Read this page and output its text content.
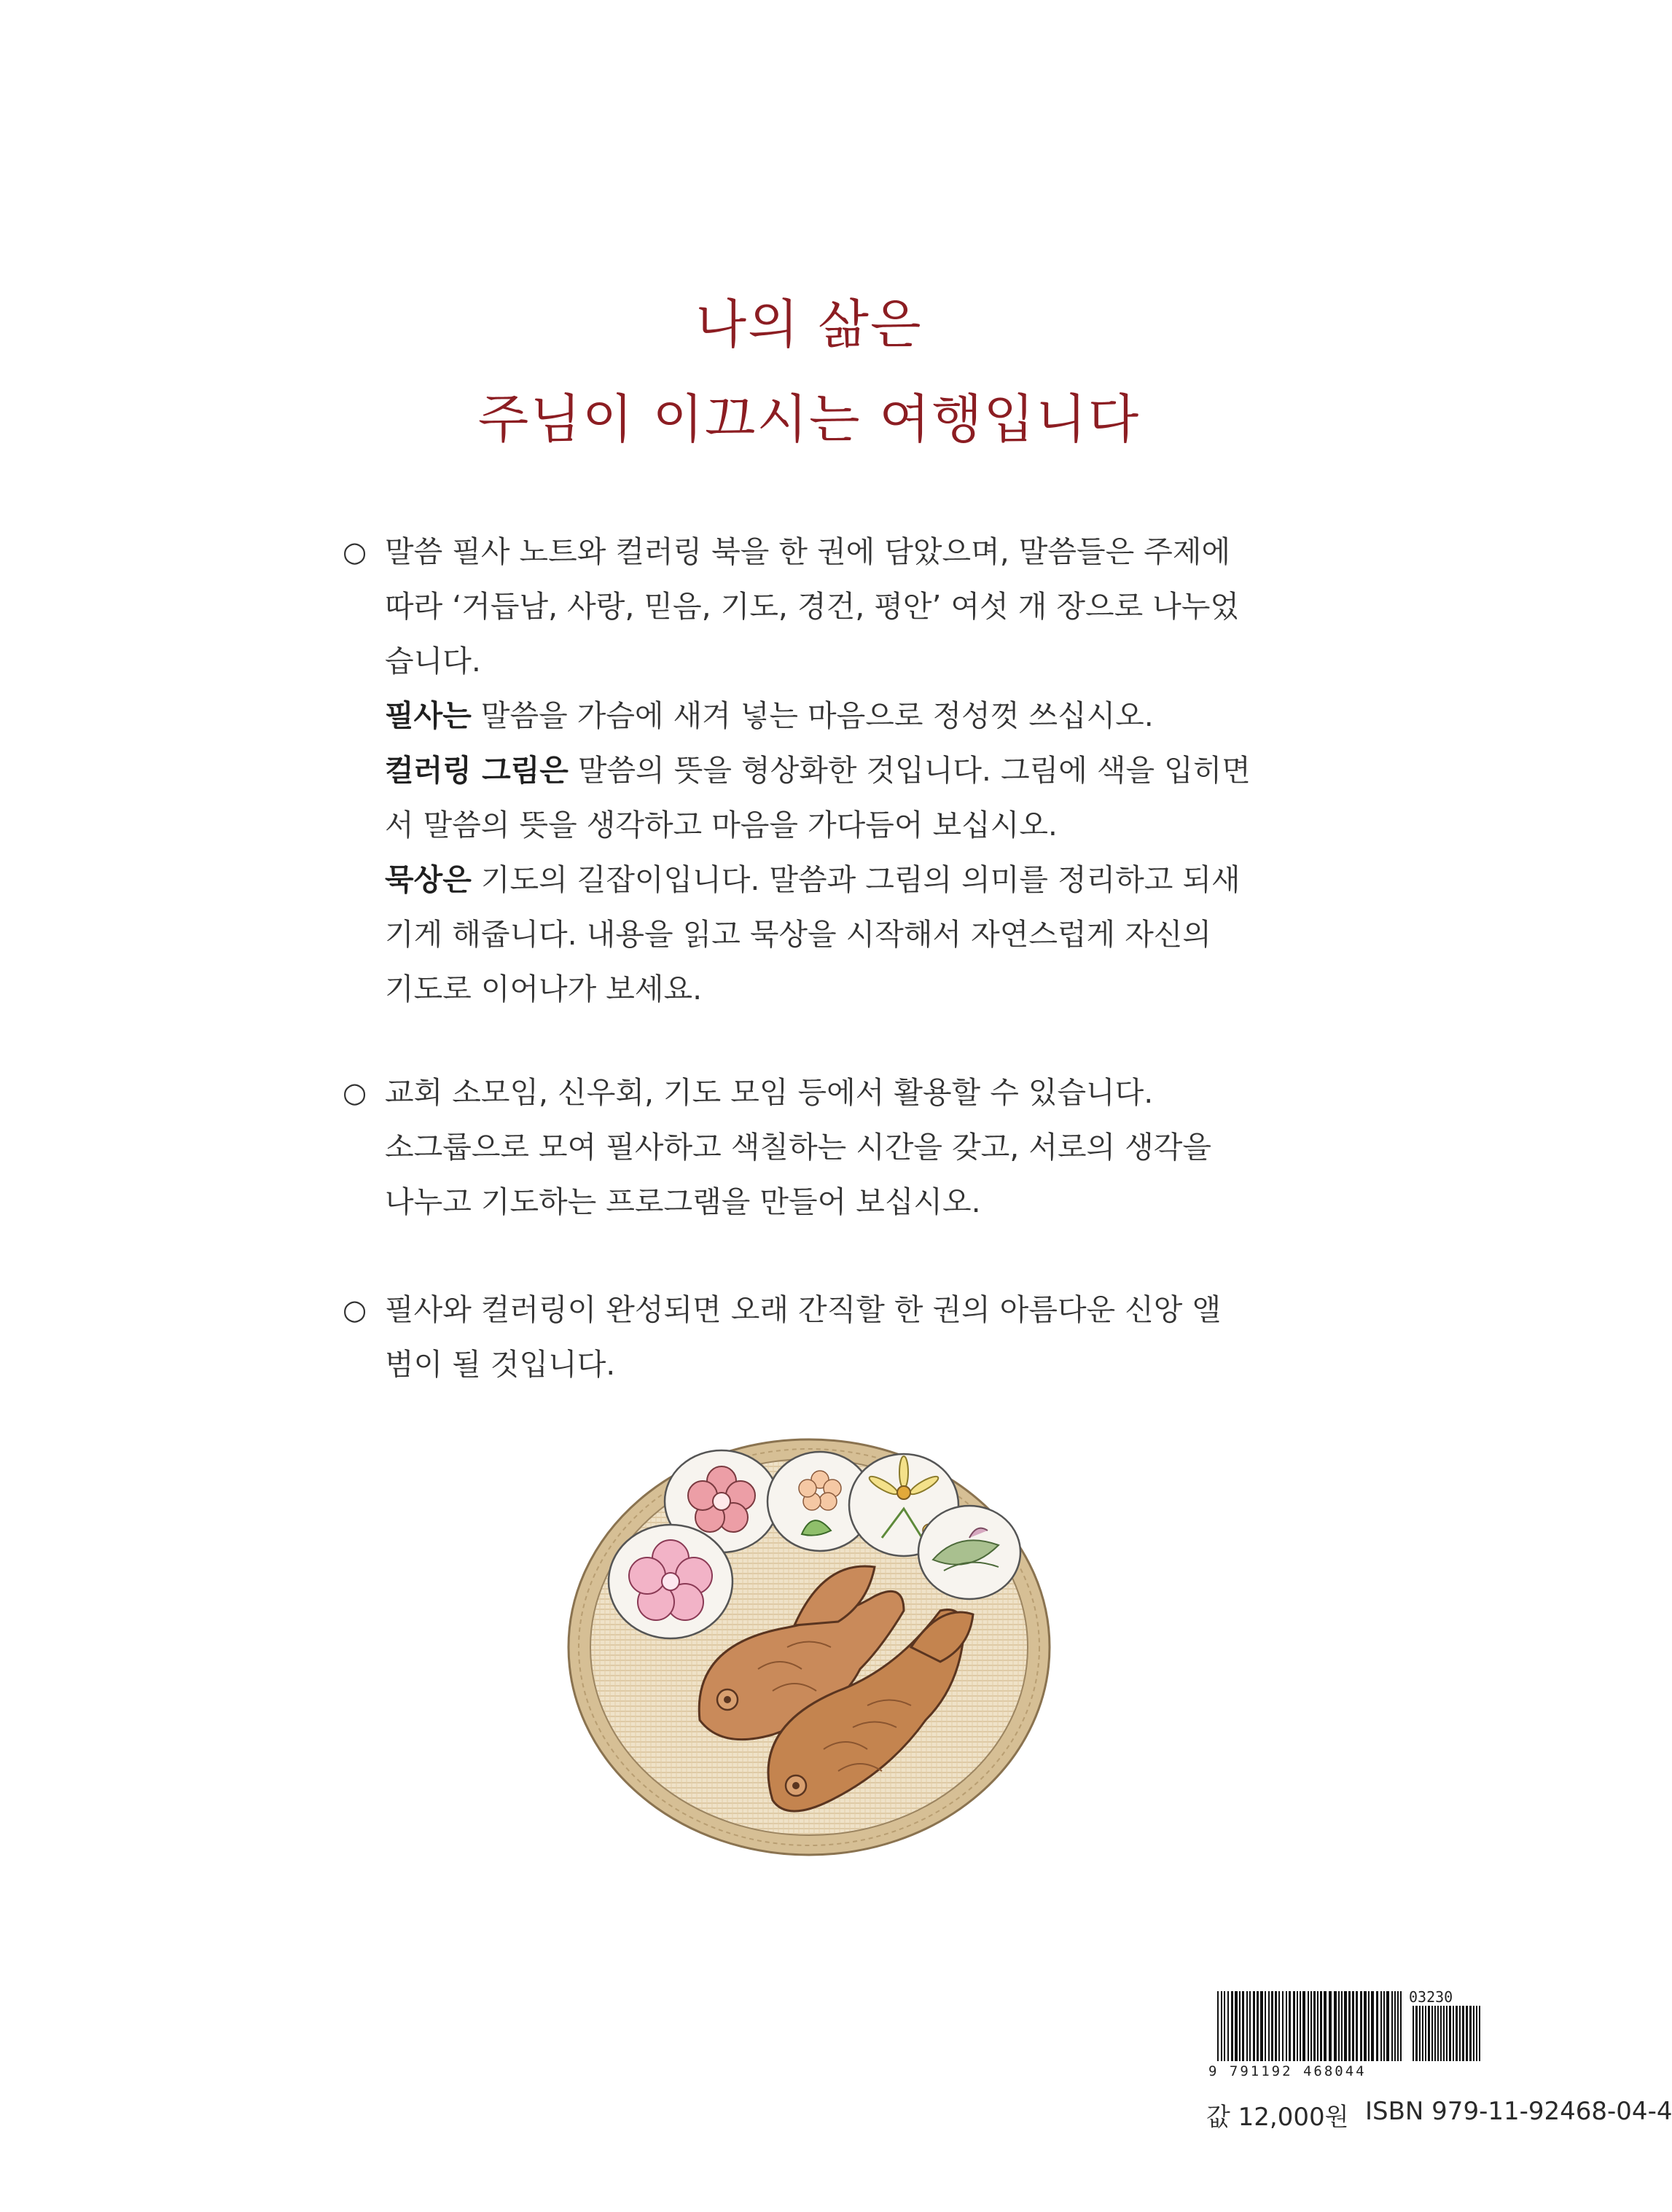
나의 삶은
주님이 이끄시는 여행입니다
○ 말씀 필사 노트와 컬러링 북을 한 권에 담았으며, 말씀들은 주제에
따라 ‘거듭남, 사랑, 믿음, 기도, 경건, 평안’ 여섯 개 장으로 나누었
습니다.
필사는 말씀을 가슴에 새겨 넣는 마음으로 정성껏 쓰십시오.
컬러링 그림은 말씀의 뜻을 형상화한 것입니다. 그림에 색을 입히면
서 말씀의 뜻을 생각하고 마음을 가다듬어 보십시오.
묵상은 기도의 길잡이입니다. 말씀과 그림의 의미를 정리하고 되새
기게 해줍니다. 내용을 읽고 묵상을 시작해서 자연스럽게 자신의
기도로 이어나가 보세요.
○ 교회 소모임, 신우회, 기도 모임 등에서 활용할 수 있습니다.
소그룹으로 모여 필사하고 색칠하는 시간을 갖고, 서로의 생각을
나누고 기도하는 프로그램을 만들어 보십시오.
○ 필사와 컬러링이 완성되면 오래 간직할 한 권의 아름다운 신앙 앨
범이 될 것입니다.
03230
9 791192 468044
값 12,000원 ISBN 979-11-92468-04-4
